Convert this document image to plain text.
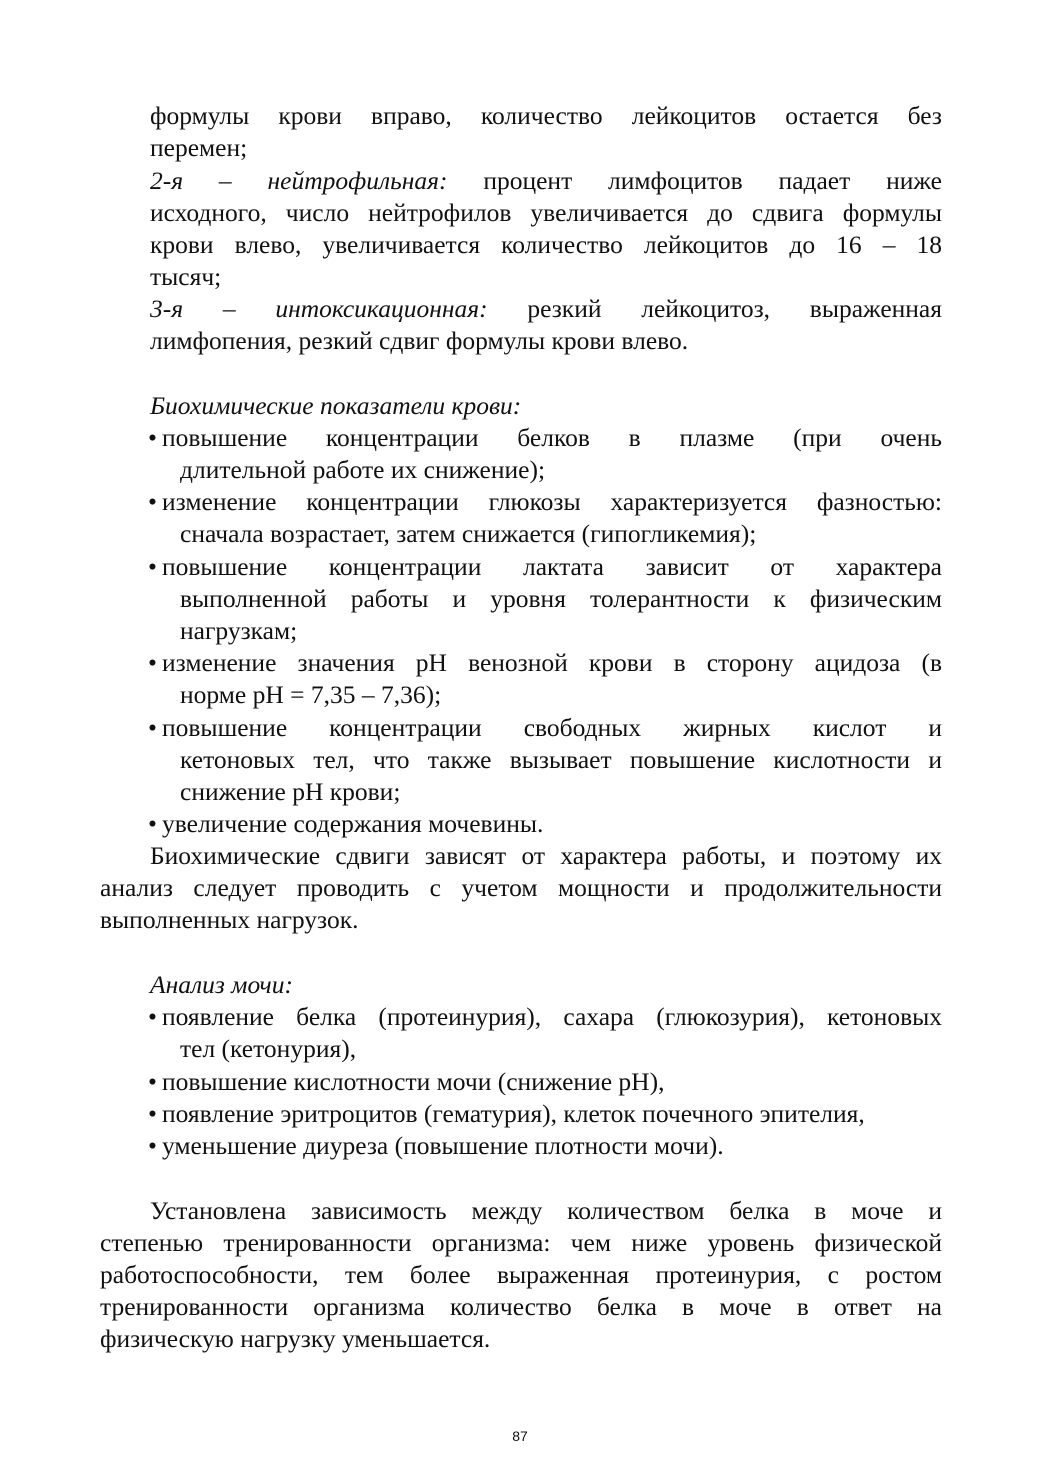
формулы крови вправо, количество лейкоцитов остается без
перемен;
2-я – нейтрофильная: процент лимфоцитов падает ниже
исходного, число нейтрофилов увеличивается до сдвига формулы
крови влево, увеличивается количество лейкоцитов до 16 – 18
тысяч;
3-я – интоксикационная: резкий лейкоцитоз, выраженная
лимфопения, резкий сдвиг формулы крови влево.
Биохимические показатели крови:
• повышение концентрации белков в плазме (при очень
длительной работе их снижение);
• изменение концентрации глюкозы характеризуется фазностью:
сначала возрастает, затем снижается (гипогликемия);
• повышение концентрации лактата зависит от характера
выполненной работы и уровня толерантности к физическим
нагрузкам;
• изменение значения рН венозной крови в сторону ацидоза (в
норме рН = 7,35 – 7,36);
• повышение концентрации свободных жирных кислот и
кетоновых тел, что также вызывает повышение кислотности и
снижение рН крови;
• увеличение содержания мочевины.
Биохимические сдвиги зависят от характера работы, и поэтому их
анализ следует проводить с учетом мощности и продолжительности
выполненных нагрузок.
Анализ мочи:
• появление белка (протеинурия), сахара (глюкозурия), кетоновых
тел (кетонурия),
• повышение кислотности мочи (снижение рН),
• появление эритроцитов (гематурия), клеток почечного эпителия,
• уменьшение диуреза (повышение плотности мочи).
Установлена зависимость между количеством белка в моче и
степенью тренированности организма: чем ниже уровень физической
работоспособности, тем более выраженная протеинурия, с ростом
тренированности организма количество белка в моче в ответ на
физическую нагрузку уменьшается.
87
